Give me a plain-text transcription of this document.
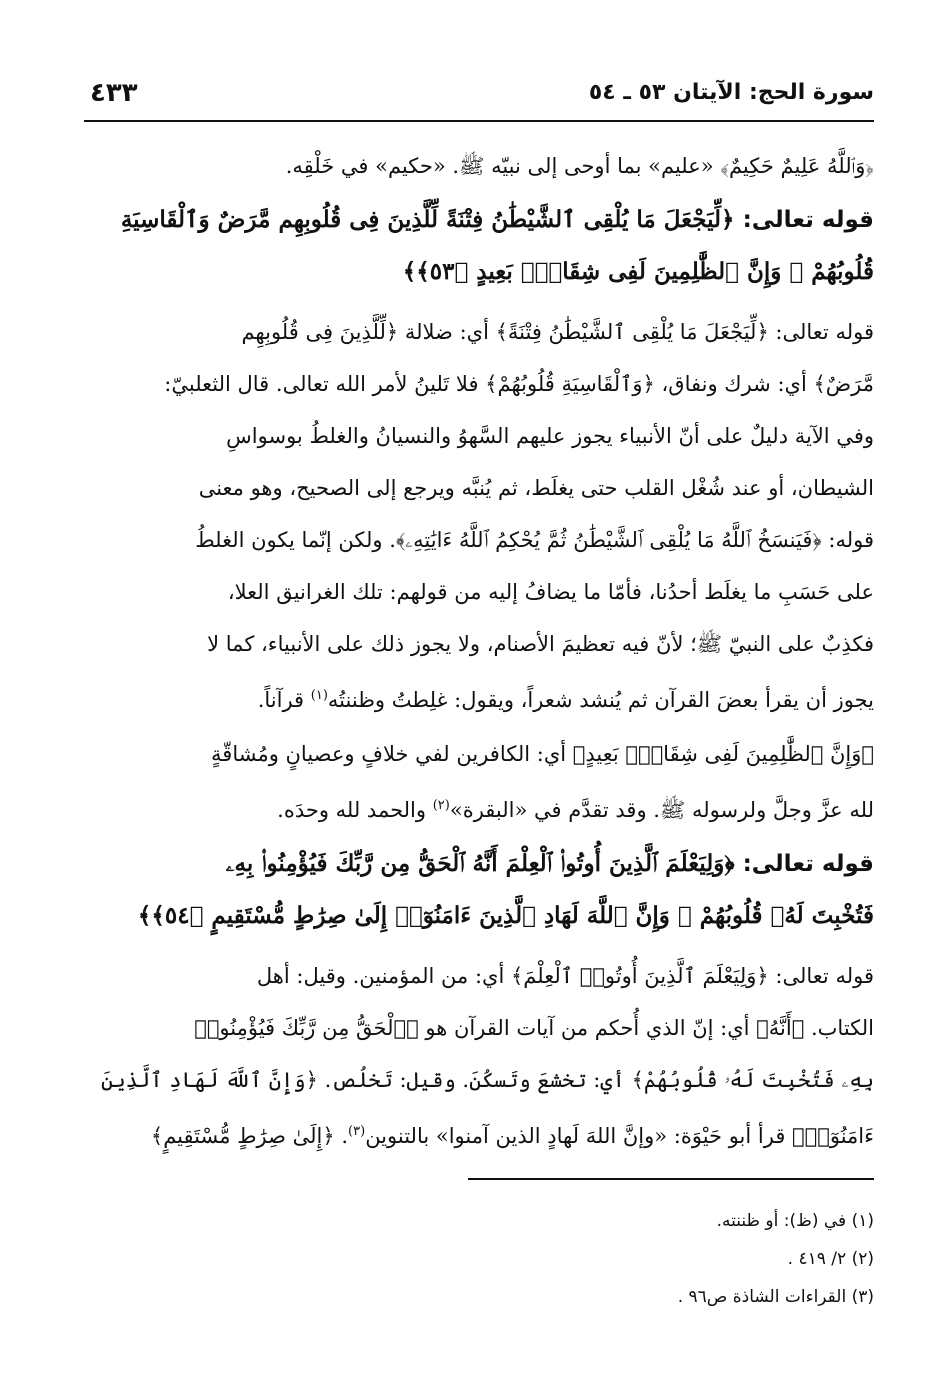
سورة الحج: الآيتان ٥٣ ـ ٥٤
٤٣٣
﴿وَٱللَّهُ عَلِيمٌ حَكِيمٌ﴾ «عليم» بما أوحى إلى نبيّه ﷺ. «حكيم» في خَلْقِه.
قوله تعالى: ﴿لِّيَجْعَلَ مَا يُلْقِى ٱلشَّيْطَٰنُ فِتْنَةً لِّلَّذِينَ فِى قُلُوبِهِم مَّرَضٌ وَٱلْقَاسِيَةِ
قُلُوبُهُمْ ۗ وَإِنَّ ٱلظَّٰلِمِينَ لَفِى شِقَاقٍۭ بَعِيدٍ ﴿٥٣﴾﴾
قوله تعالى: ﴿لِّيَجْعَلَ مَا يُلْقِى ٱلشَّيْطَٰنُ فِتْنَةً﴾ أي: ضلالة ﴿لِّلَّذِينَ فِى قُلُوبِهِم
مَّرَضٌ﴾ أي: شرك ونفاق، ﴿وَٱلْقَاسِيَةِ قُلُوبُهُمْ﴾ فلا تَلينُ لأمر الله تعالى. قال الثعلبيّ:
وفي الآية دليلٌ على أنّ الأنبياء يجوز عليهم السَّهوُ والنسيانُ والغلطُ بوسواسِ
الشيطان، أو عند شُغْل القلب حتى يغلَط، ثم يُنبَّه ويرجع إلى الصحيح، وهو معنى
قوله: ﴿فَيَنسَخُ ٱللَّهُ مَا يُلْقِى ٱلشَّيْطَٰنُ ثُمَّ يُحْكِمُ ٱللَّهُ ءَايَٰتِهِۦ﴾. ولكن إنّما يكون الغلطُ
على حَسَبِ ما يغلَط أحدُنا، فأمّا ما يضافُ إليه من قولهم: تلك الغرانيق العلا،
فكذِبٌ على النبيّ ﷺ؛ لأنّ فيه تعظيمَ الأصنام، ولا يجوز ذلك على الأنبياء، كما لا
يجوز أن يقرأ بعضَ القرآن ثم يُنشد شعراً، ويقول: غلِطتُ وظننتُه$^{(١)}$ قرآناً.
﴿وَإِنَّ ٱلظَّٰلِمِينَ لَفِى شِقَاقٍۭ بَعِيدٍ﴾ أي: الكافرين لفي خلافٍ وعصيانٍ ومُشاقّةٍ
لله عزَّ وجلَّ ولرسوله ﷺ. وقد تقدَّم في «البقرة»$^{(٢)}$ والحمد لله وحدَه.
قوله تعالى: ﴿وَلِيَعْلَمَ ٱلَّذِينَ أُوتُوا۟ ٱلْعِلْمَ أَنَّهُ ٱلْحَقُّ مِن رَّبِّكَ فَيُؤْمِنُوا۟ بِهِۦ
فَتُخْبِتَ لَهُۥ قُلُوبُهُمْ ۗ وَإِنَّ ٱللَّهَ لَهَادِ ٱلَّذِينَ ءَامَنُوٓا۟ إِلَىٰ صِرَٰطٍ مُّسْتَقِيمٍ ﴿٥٤﴾﴾
قوله تعالى: ﴿وَلِيَعْلَمَ ٱلَّذِينَ أُوتُوا۟ ٱلْعِلْمَ﴾ أي: من المؤمنين. وقيل: أهل
الكتاب. ﴿أَنَّهُ﴾ أي: إنّ الذي أُحكم من آيات القرآن هو ﴿ٱلْحَقُّ مِن رَّبِّكَ فَيُؤْمِنُوا۟
بِهِۦ فَتُخْبِتَ لَهُۥ قُلُوبُهُمْ﴾ أي: تخشعَ وتَسكُنَ. وقيل: تَخلُص. ﴿وَإِنَّ ٱللَّهَ لَهَادِ ٱلَّذِينَ
ءَامَنُوٓا۟﴾ قرأ أبو حَيْوَة: «وإنَّ اللهَ لَهادٍ الذين آمنوا» بالتنوين$^{(٣)}$. ﴿إِلَىٰ صِرَٰطٍ مُّسْتَقِيمٍ﴾
(١) في (ظ): أو ظننته.
(٢) ٢/ ٤١٩ .
(٣) القراءات الشاذة ص٩٦ .
